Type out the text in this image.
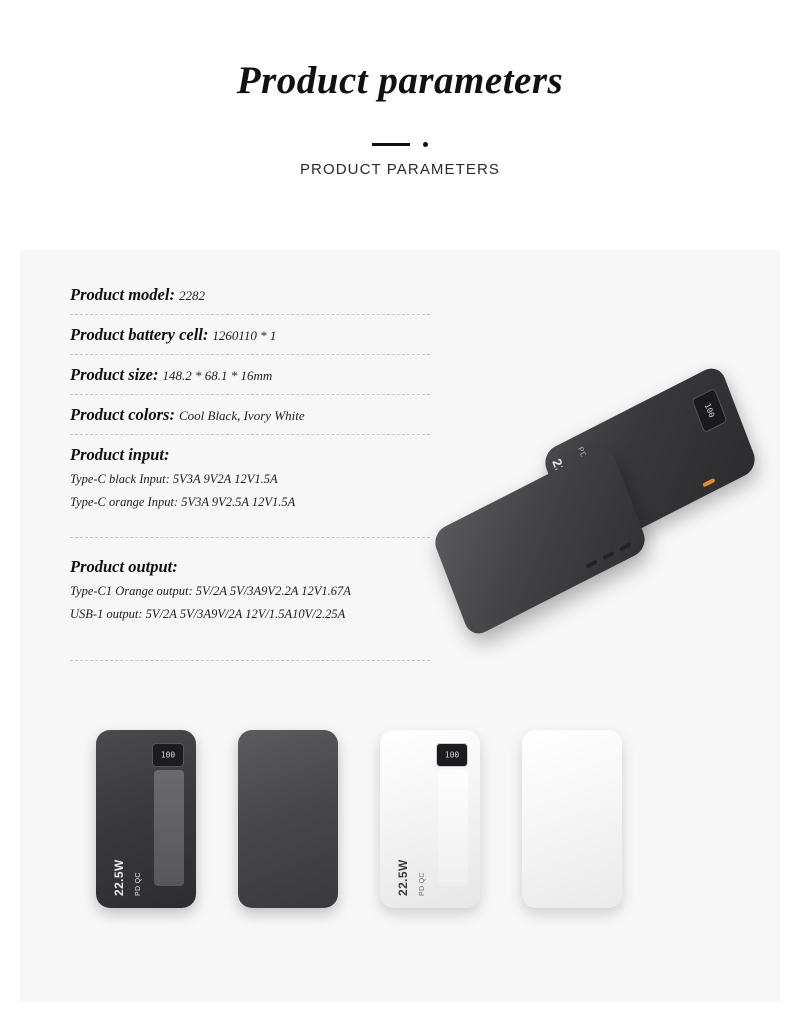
Product parameters

PRODUCT PARAMETERS

Product model: 2282
Product battery cell: 1260110 * 1
Product size: 148.2 * 68.1 * 16mm
Product colors: Cool Black, Ivory White
Product input:
Type-C black Input: 5V3A 9V2A 12V1.5A
Type-C orange Input: 5V3A 9V2.5A 12V1.5A
Product output:
Type-C1 Orange output: 5V/2A 5V/3A9V2.2A 12V1.67A
USB-1 output: 5V/2A 5V/3A9V/2A 12V/1.5A10V/2.25A
100
100
22.5W PD QC
100
22.5W PD QC
